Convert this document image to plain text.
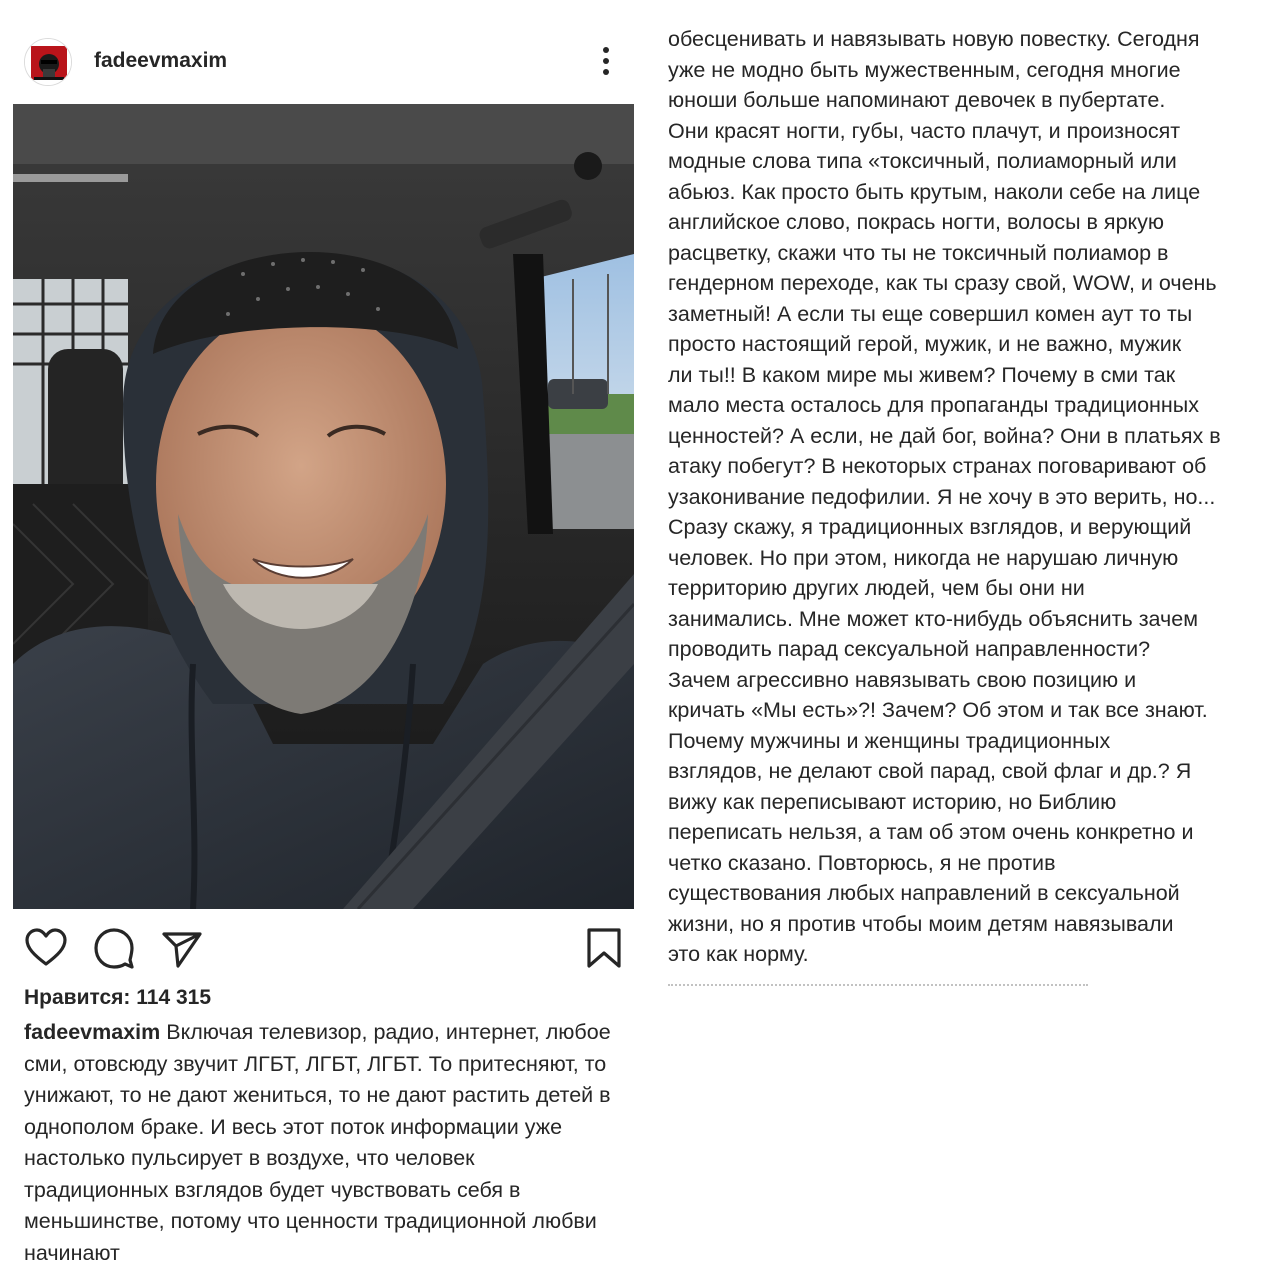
fadeevmaxim
Нравится: 114 315
fadeevmaxim Включая телевизор, радио, интернет, любое сми, отовсюду звучит ЛГБТ, ЛГБТ, ЛГБТ. То притесняют, то унижают, то не дают жениться, то не дают растить детей в однополом браке. И весь этот поток информации уже настолько пульсирует в воздухе, что человек традиционных взглядов будет чувствовать себя в меньшинстве, потому что ценности традиционной любви начинают
обесценивать и навязывать новую повестку. Сегодня
уже не модно быть мужественным, сегодня многие
юноши больше напоминают девочек в пубертате.
Они красят ногти, губы, часто плачут, и произносят
модные слова типа «токсичный, полиаморный или
абьюз. Как просто быть крутым, наколи себе на лице
английское слово, покрась ногти, волосы в яркую
расцветку, скажи что ты не токсичный полиамор в
гендерном переходе, как ты сразу свой, WOW, и очень
заметный! А если ты еще совершил комен аут то ты
просто настоящий герой, мужик, и не важно, мужик
ли ты!! В каком мире мы живем? Почему в сми так
мало места осталось для пропаганды традиционных
ценностей? А если, не дай бог, война? Они в платьях в
атаку побегут? В некоторых странах поговаривают об
узаконивание педофилии. Я не хочу в это верить, но...
Сразу скажу, я традиционных взглядов, и верующий
человек. Но при этом, никогда не нарушаю личную
территорию других людей, чем бы они ни
занимались. Мне может кто-нибудь объяснить зачем
проводить парад сексуальной направленности?
Зачем агрессивно навязывать свою позицию и
кричать «Мы есть»?! Зачем? Об этом и так все знают.
Почему мужчины и женщины традиционных
взглядов, не делают свой парад, свой флаг и др.? Я
вижу как переписывают историю, но Библию
переписать нельзя, а там об этом очень конкретно и
четко сказано. Повторюсь, я не против
существования любых направлений в сексуальной
жизни, но я против чтобы моим детям навязывали
это как норму.
